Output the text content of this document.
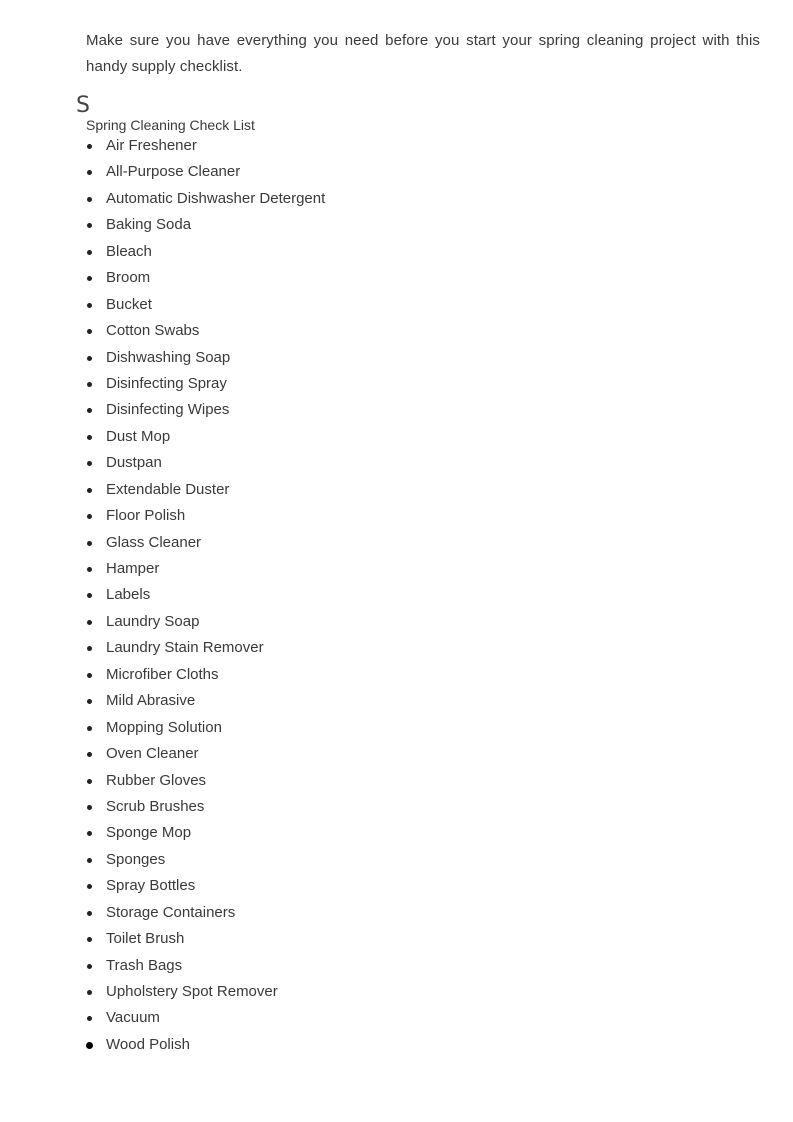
Make sure you have everything you need before you start your spring cleaning project with this handy supply checklist.

S
Spring Cleaning Check List
Air Freshener
All-Purpose Cleaner
Automatic Dishwasher Detergent
Baking Soda
Bleach
Broom
Bucket
Cotton Swabs
Dishwashing Soap
Disinfecting Spray
Disinfecting Wipes
Dust Mop
Dustpan
Extendable Duster
Floor Polish
Glass Cleaner
Hamper
Labels
Laundry Soap
Laundry Stain Remover
Microfiber Cloths
Mild Abrasive
Mopping Solution
Oven Cleaner
Rubber Gloves
Scrub Brushes
Sponge Mop
Sponges
Spray Bottles
Storage Containers
Toilet Brush
Trash Bags
Upholstery Spot Remover
Vacuum
Wood Polish
